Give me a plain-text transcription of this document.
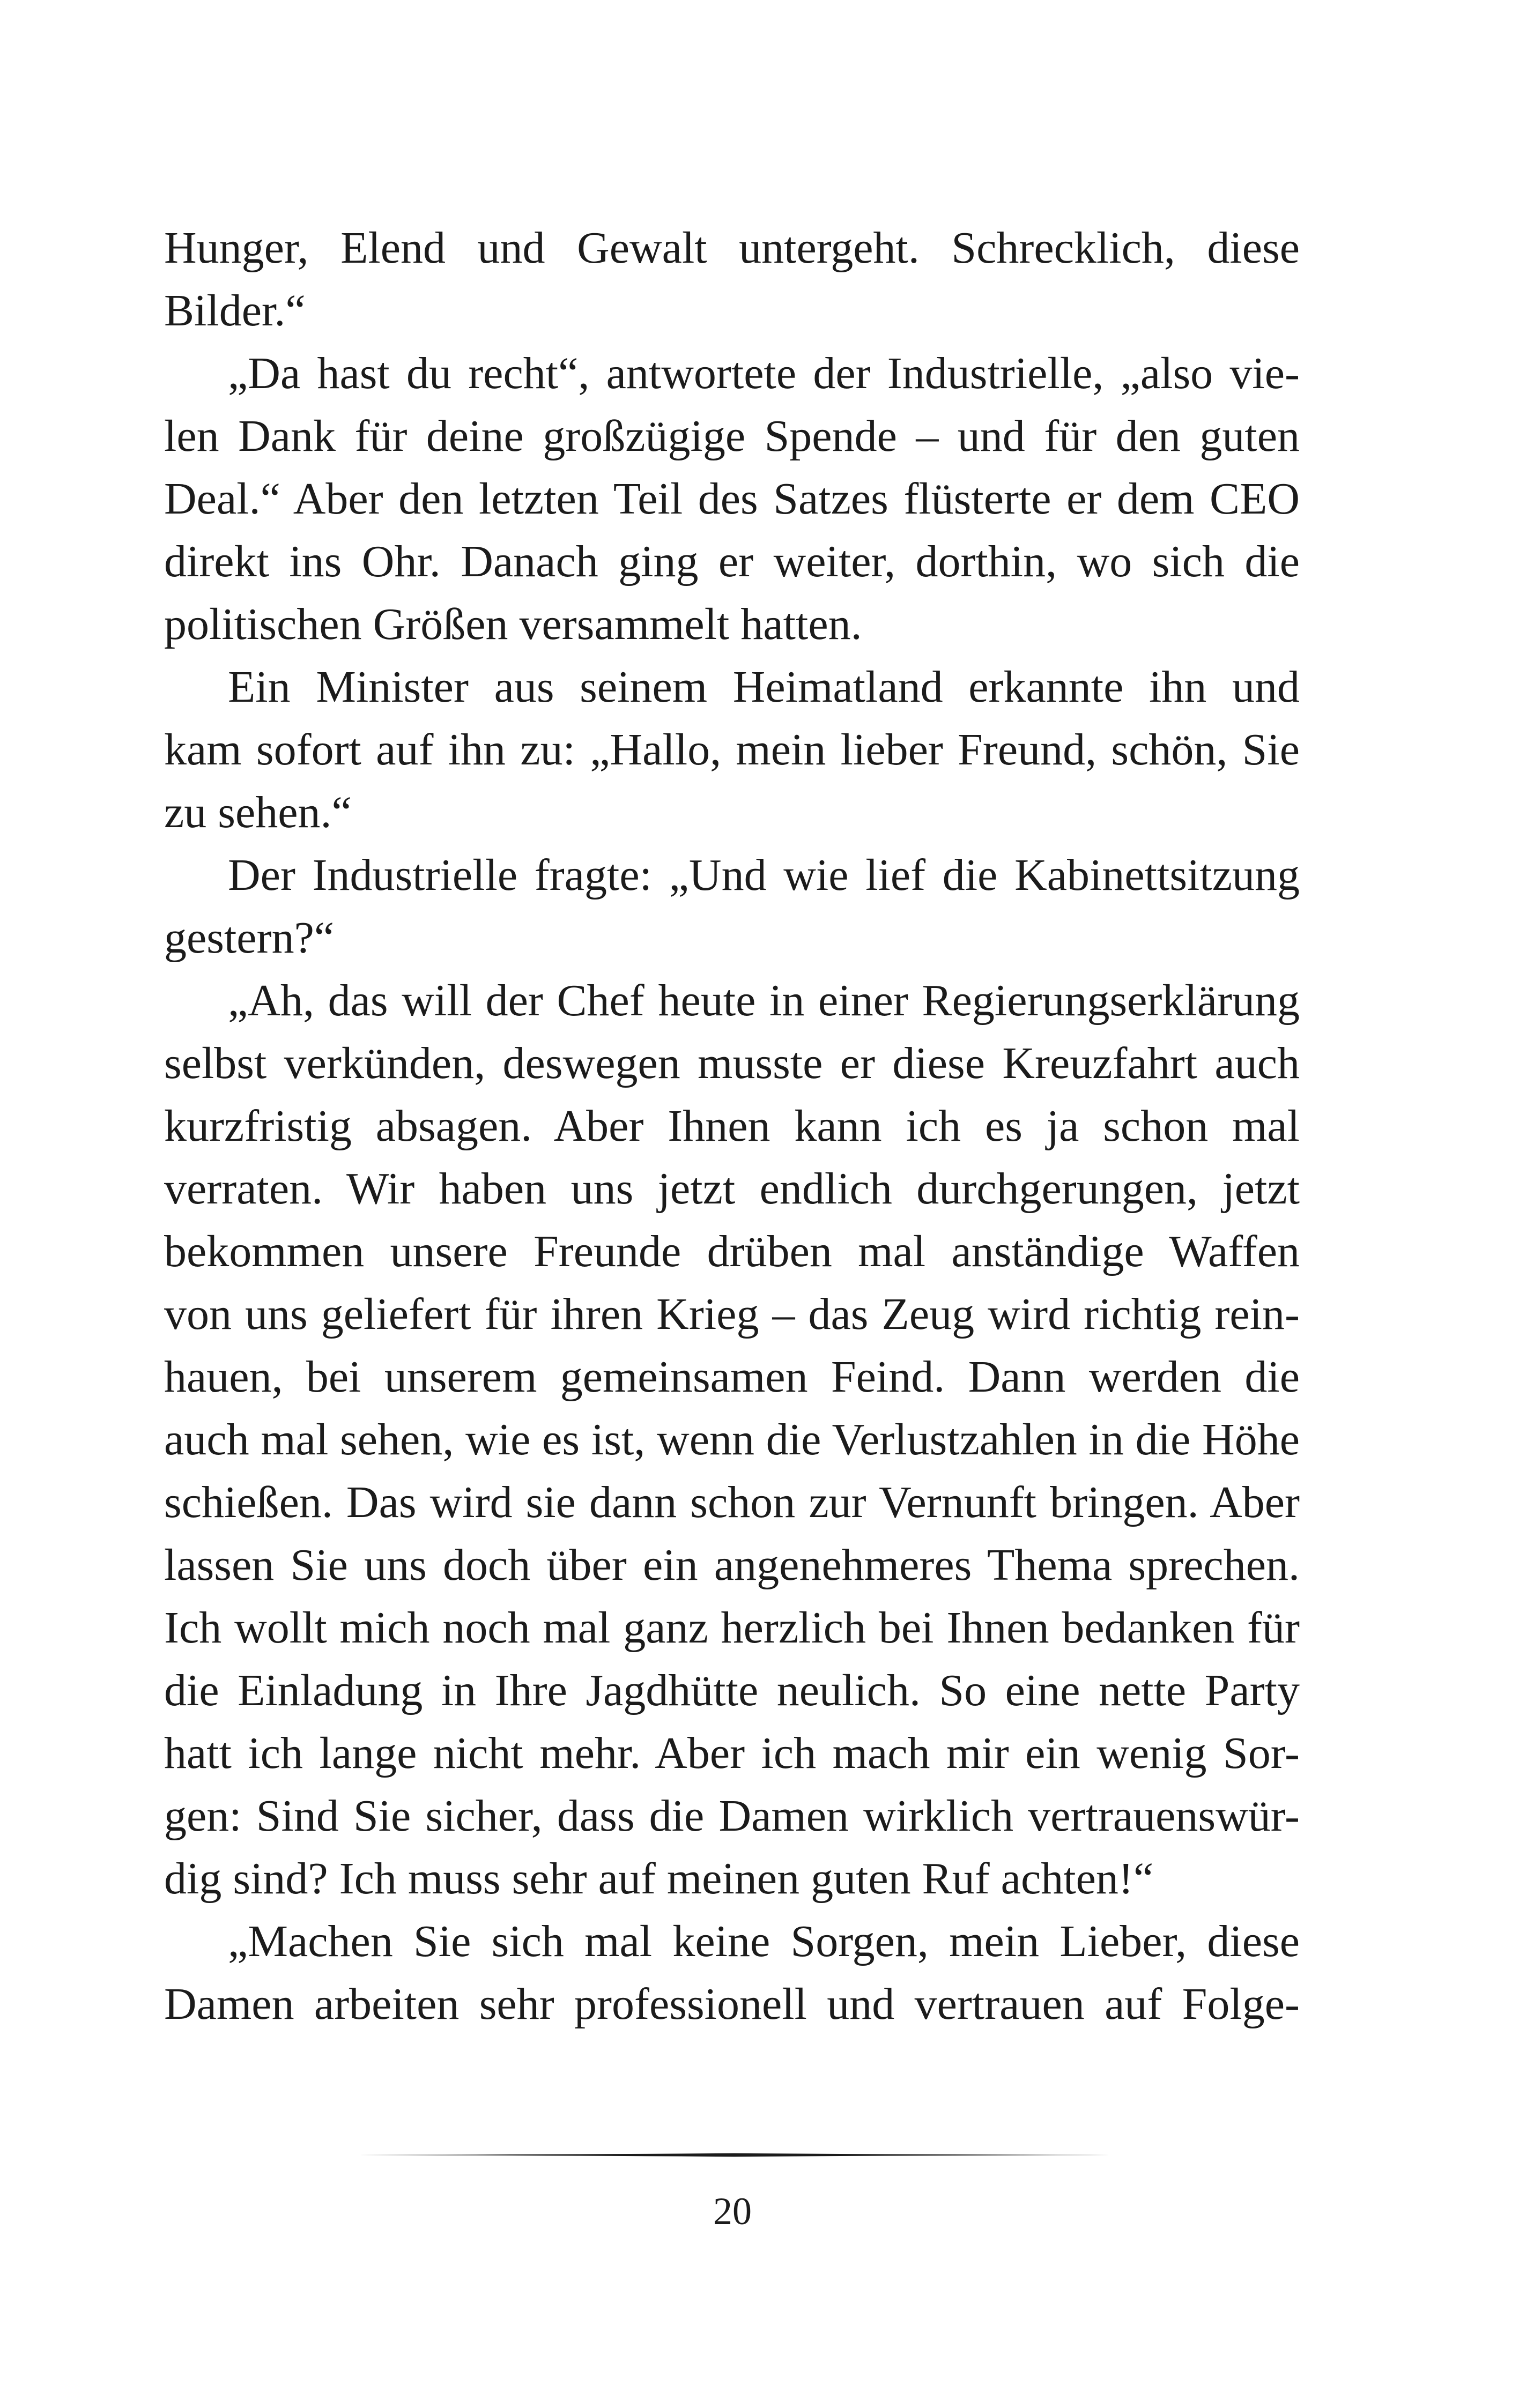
Hunger, Elend und Gewalt untergeht. Schrecklich, diese
Bilder.“
„Da hast du recht“, antwortete der Industrielle, „also vie-
len Dank für deine großzügige Spende – und für den guten
Deal.“ Aber den letzten Teil des Satzes flüsterte er dem CEO
direkt ins Ohr. Danach ging er weiter, dorthin, wo sich die
politischen Größen versammelt hatten.
Ein Minister aus seinem Heimatland erkannte ihn und
kam sofort auf ihn zu: „Hallo, mein lieber Freund, schön, Sie
zu sehen.“
Der Industrielle fragte: „Und wie lief die Kabinettsitzung
gestern?“
„Ah, das will der Chef heute in einer Regierungserklärung
selbst verkünden, deswegen musste er diese Kreuzfahrt auch
kurzfristig absagen. Aber Ihnen kann ich es ja schon mal
verraten. Wir haben uns jetzt endlich durchgerungen, jetzt
bekommen unsere Freunde drüben mal anständige Waffen
von uns geliefert für ihren Krieg – das Zeug wird richtig rein-
hauen, bei unserem gemeinsamen Feind. Dann werden die
auch mal sehen, wie es ist, wenn die Verlustzahlen in die Höhe
schießen. Das wird sie dann schon zur Vernunft bringen. Aber
lassen Sie uns doch über ein angenehmeres Thema sprechen.
Ich wollt mich noch mal ganz herzlich bei Ihnen bedanken für
die Einladung in Ihre Jagdhütte neulich. So eine nette Party
hatt ich lange nicht mehr. Aber ich mach mir ein wenig Sor-
gen: Sind Sie sicher, dass die Damen wirklich vertrauenswür-
dig sind? Ich muss sehr auf meinen guten Ruf achten!“
„Machen Sie sich mal keine Sorgen, mein Lieber, diese
Damen arbeiten sehr professionell und vertrauen auf Folge-
20
